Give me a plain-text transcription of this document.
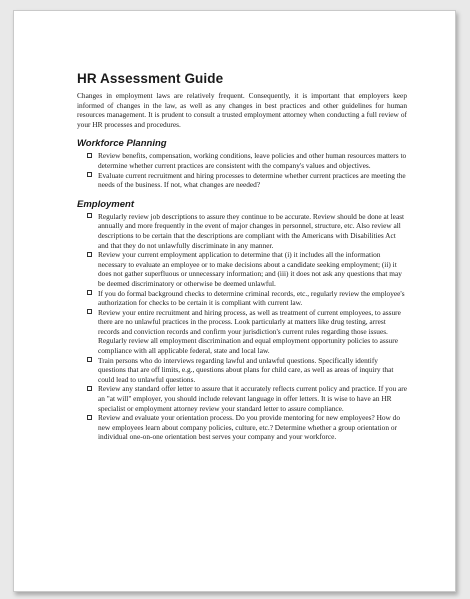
HR Assessment Guide

Changes in employment laws are relatively frequent. Consequently, it is important that employers keep informed of changes in the law, as well as any changes in best practices and other guidelines for human resources management. It is prudent to consult a trusted employment attorney when conducting a full review of your HR processes and procedures.

Workforce Planning
Review benefits, compensation, working conditions, leave policies and other human resources matters to determine whether current practices are consistent with the company's values and objectives.
Evaluate current recruitment and hiring processes to determine whether current practices are meeting the needs of the business. If not, what changes are needed?
Employment
Regularly review job descriptions to assure they continue to be accurate. Review should be done at least annually and more frequently in the event of major changes in personnel, structure, etc. Also review all descriptions to be certain that the descriptions are compliant with the Americans with Disabilities Act and that they do not unlawfully discriminate in any manner.
Review your current employment application to determine that (i) it includes all the information necessary to evaluate an employee or to make decisions about a candidate seeking employment; (ii) it does not gather superfluous or unnecessary information; and (iii) it does not ask any questions that may be deemed discriminatory or otherwise be deemed unlawful.
If you do formal background checks to determine criminal records, etc., regularly review the employee's authorization for checks to be certain it is compliant with current law.
Review your entire recruitment and hiring process, as well as treatment of current employees, to assure there are no unlawful practices in the process. Look particularly at matters like drug testing, arrest records and conviction records and confirm your jurisdiction's current rules regarding those issues. Regularly review all employment discrimination and equal employment opportunity policies to assure compliance with all applicable federal, state and local law.
Train persons who do interviews regarding lawful and unlawful questions. Specifically identify questions that are off limits, e.g., questions about plans for child care, as well as areas of inquiry that could lead to unlawful questions.
Review any standard offer letter to assure that it accurately reflects current policy and practice. If you are an "at will" employer, you should include relevant language in offer letters. It is wise to have an HR specialist or employment attorney review your standard letter to assure compliance.
Review and evaluate your orientation process. Do you provide mentoring for new employees? How do new employees learn about company policies, culture, etc.? Determine whether a group orientation or individual one-on-one orientation best serves your company and your workforce.
